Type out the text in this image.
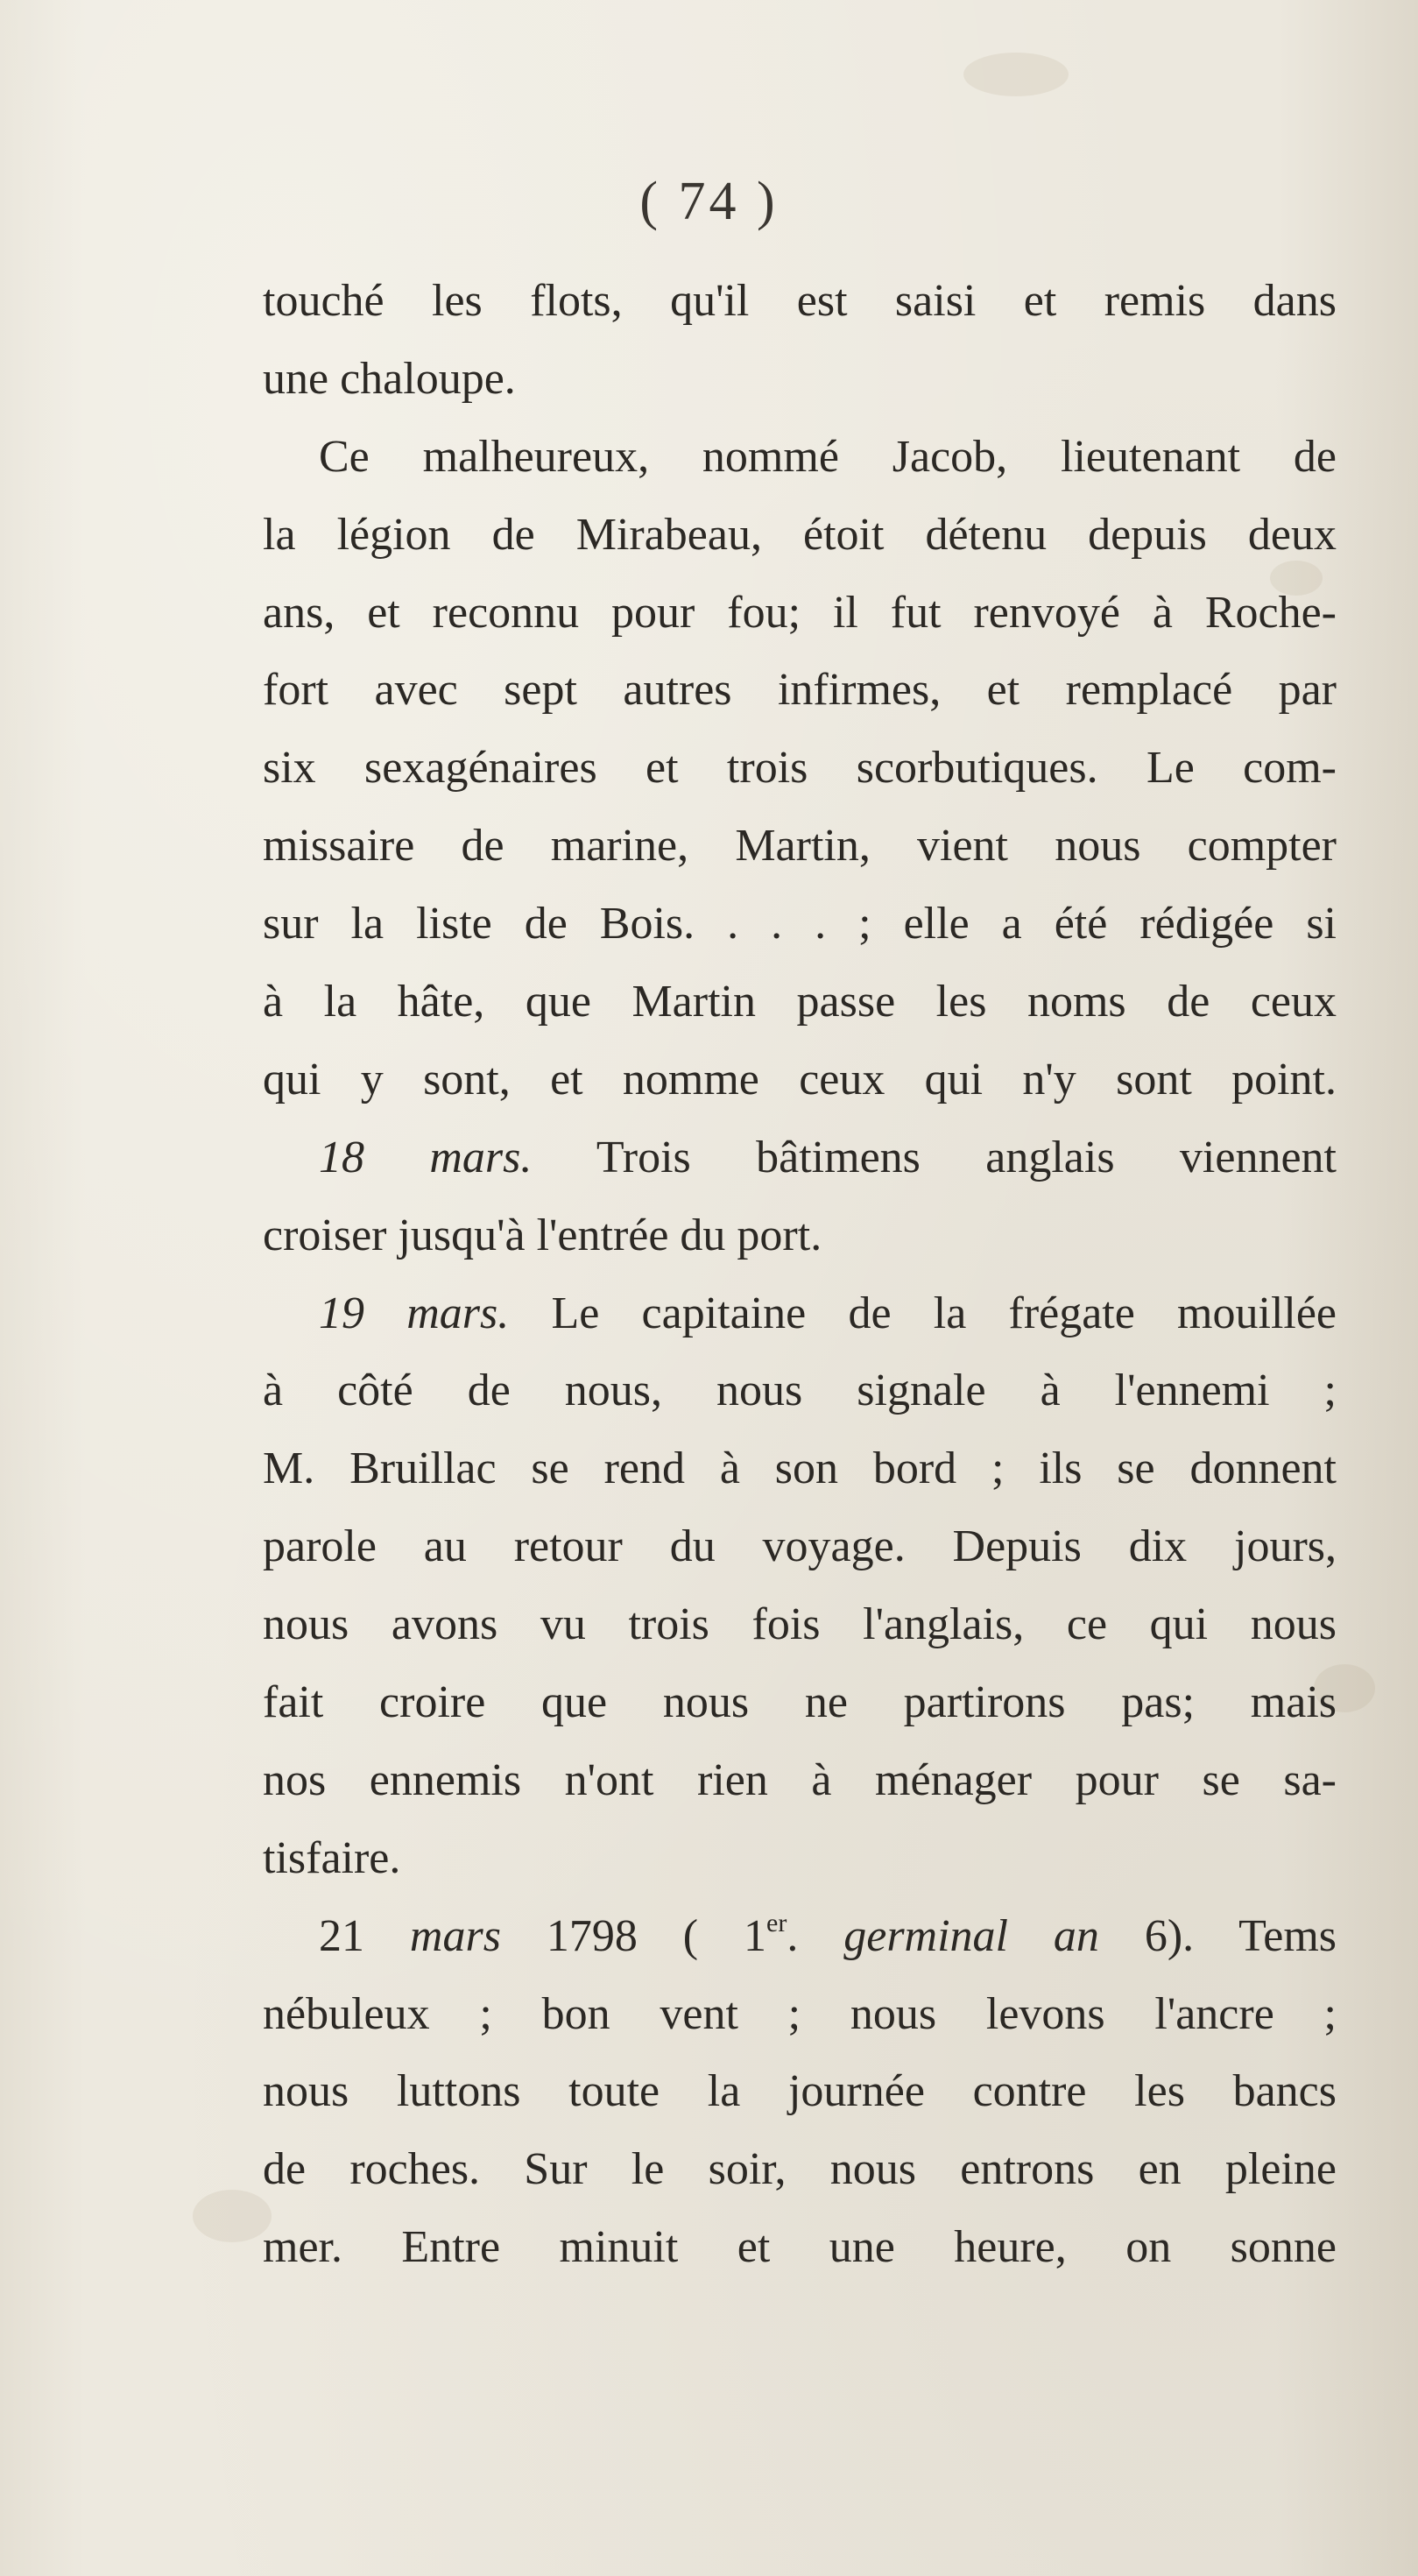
( 74 )
touché les flots, qu'il est saisi et remis dans
une chaloupe.
Ce malheureux, nommé Jacob, lieutenant de
la légion de Mirabeau, étoit détenu depuis deux
ans, et reconnu pour fou; il fut renvoyé à Roche-
fort avec sept autres infirmes, et remplacé par
six sexagénaires et trois scorbutiques. Le com-
missaire de marine, Martin, vient nous compter
sur la liste de Bois. . . . ; elle a été rédigée si
à la hâte, que Martin passe les noms de ceux
qui y sont, et nomme ceux qui n'y sont point.
18 mars. Trois bâtimens anglais viennent
croiser jusqu'à l'entrée du port.
19 mars. Le capitaine de la frégate mouillée
à côté de nous, nous signale à l'ennemi ;
M. Bruillac se rend à son bord ; ils se donnent
parole au retour du voyage. Depuis dix jours,
nous avons vu trois fois l'anglais, ce qui nous
fait croire que nous ne partirons pas; mais
nos ennemis n'ont rien à ménager pour se sa-
tisfaire.
21 mars 1798 ( 1er. germinal an 6). Tems
nébuleux ; bon vent ; nous levons l'ancre ;
nous luttons toute la journée contre les bancs
de roches. Sur le soir, nous entrons en pleine
mer. Entre minuit et une heure, on sonne
